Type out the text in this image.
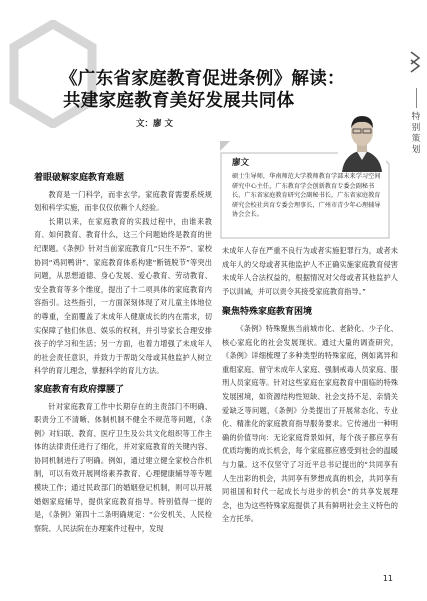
特别策划
《广东省家庭教育促进条例》解读：
共建家庭教育美好发展共同体
文：廖 文
廖文
硕士生导师，华南师范大学教师教育学部未来学习空间研究中心主任，广东教育学会创新教育专委会副秘书长，广东省家庭教育研究会副秘书长，广东省家庭教育研究会校社共育专委会理事长，广州市青少年心理辅导协会会长。
着眼破解家庭教育难题

教育是一门科学，而非玄学。家庭教育需要系统规划和科学实施，而非仅仅依赖个人经验。

长期以来，在家庭教育的实践过程中，由谁来教育、如何教育、教育什么，这三个问题始终是教育的世纪课题。《条例》针对当前家庭教育几“只生不养”、家校协同“鸡同鸭讲”、家庭教育体系构建“断链脱节”等突出问题，从思想道德、身心发展、爱心教育、劳动教育、安全教育等多个维度，提出了十二项具体的家庭教育内容指引。这些指引，一方面深刻体现了对儿童主体地位的尊重，全面覆盖了未成年人健康成长的内在需求，切实保障了他们休息、娱乐的权利，并引导家长合理安排孩子的学习和生活；另一方面，也着力增强了未成年人的社会责任意识，并致力于帮助父母或其他监护人树立科学的育儿理念，掌握科学的育儿方法。

家庭教育有政府撑腰了

针对家庭教育工作中长期存在的主责部门不明确、职责分工不清晰、体制机制不健全不规范等问题，《条例》对妇联、教育、医疗卫生及公共文化组织等工作主体的法律责任进行了细化，并对家庭教育的关键内容、协同机制进行了明确。例如，通过建立健全家校合作机制，可以有效开展网络素养教育、心理健康辅导等专题模块工作；通过民政部门的婚姻登记机制，则可以开展婚姻家庭辅导，提供家庭教育指导。特别值得一提的是，《条例》第四十二条明确规定：“公安机关、人民检察院、人民法院在办理案件过程中，发现

未成年人存在严重不良行为或者实施犯罪行为，或者未成年人的父母或者其他监护人不正确实施家庭教育侵害未成年人合法权益的，根据情况对父母或者其他监护人予以训诫，并可以责令其接受家庭教育指导。”

聚焦特殊家庭教育困境

《条例》特殊聚焦当前城市化、老龄化、少子化、核心家庭化的社会发展现状。通过大量的调查研究，《条例》详细梳理了多种类型的特殊家庭，例如离异和重组家庭、留守未成年人家庭、强制戒毒人员家庭、服刑人员家庭等。针对这些家庭在家庭教育中面临的特殊发展困境，如资源结构性短缺、社会支持不足、亲情关爱缺乏等问题，《条例》分类提出了开展常态化、专业化、精准化的家庭教育指导服务要求。它传递出一种明确的价值导向：无论家庭背景如何，每个孩子都应享有优质均衡的成长机会，每个家庭都应感受到社会的温暖与力量。这不仅坚守了习近平总书记提出的“共同享有人生出彩的机会，共同享有梦想成真的机会，共同享有同祖国和时代一起成长与进步的机会”的共享发展理念，也为这些特殊家庭提供了具有鲜明社会主义特色的全方托举。

11
